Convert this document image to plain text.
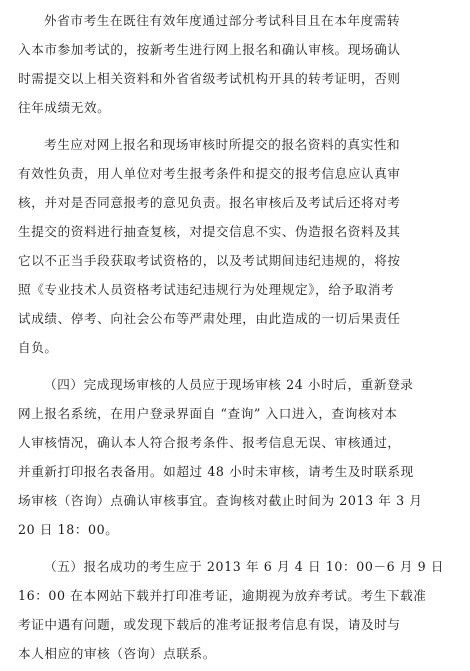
外省市考生在既往有效年度通过部分考试科目且在本年度需转
入本市参加考试的，按新考生进行网上报名和确认审核。现场确认
时需提交以上相关资料和外省省级考试机构开具的转考证明，否则
往年成绩无效。
考生应对网上报名和现场审核时所提交的报名资料的真实性和
有效性负责，用人单位对考生报考条件和提交的报考信息应认真审
核，并对是否同意报考的意见负责。报名审核后及考试后还将对考
生提交的资料进行抽查复核，对提交信息不实、伪造报名资料及其
它以不正当手段获取考试资格的，以及考试期间违纪违规的，将按
照《专业技术人员资格考试违纪违规行为处理规定》，给予取消考
试成绩、停考、向社会公布等严肃处理，由此造成的一切后果责任
自负。
（四）完成现场审核的人员应于现场审核 24 小时后，重新登录
网上报名系统，在用户登录界面自 “查询” 入口进入，查询核对本
人审核情况，确认本人符合报考条件、报考信息无误、审核通过，
并重新打印报名表备用。如超过 48 小时未审核，请考生及时联系现
场审核（咨询）点确认审核事宜。查询核对截止时间为 2013 年 3 月
20 日 18：00。
（五）报名成功的考生应于 2013 年 6 月 4 日 10：00－6 月 9 日
16：00 在本网站下载并打印准考证，逾期视为放弃考试。考生下载准
考证中遇有问题，或发现下载后的准考证报考信息有误，请及时与
本人相应的审核（咨询）点联系。
